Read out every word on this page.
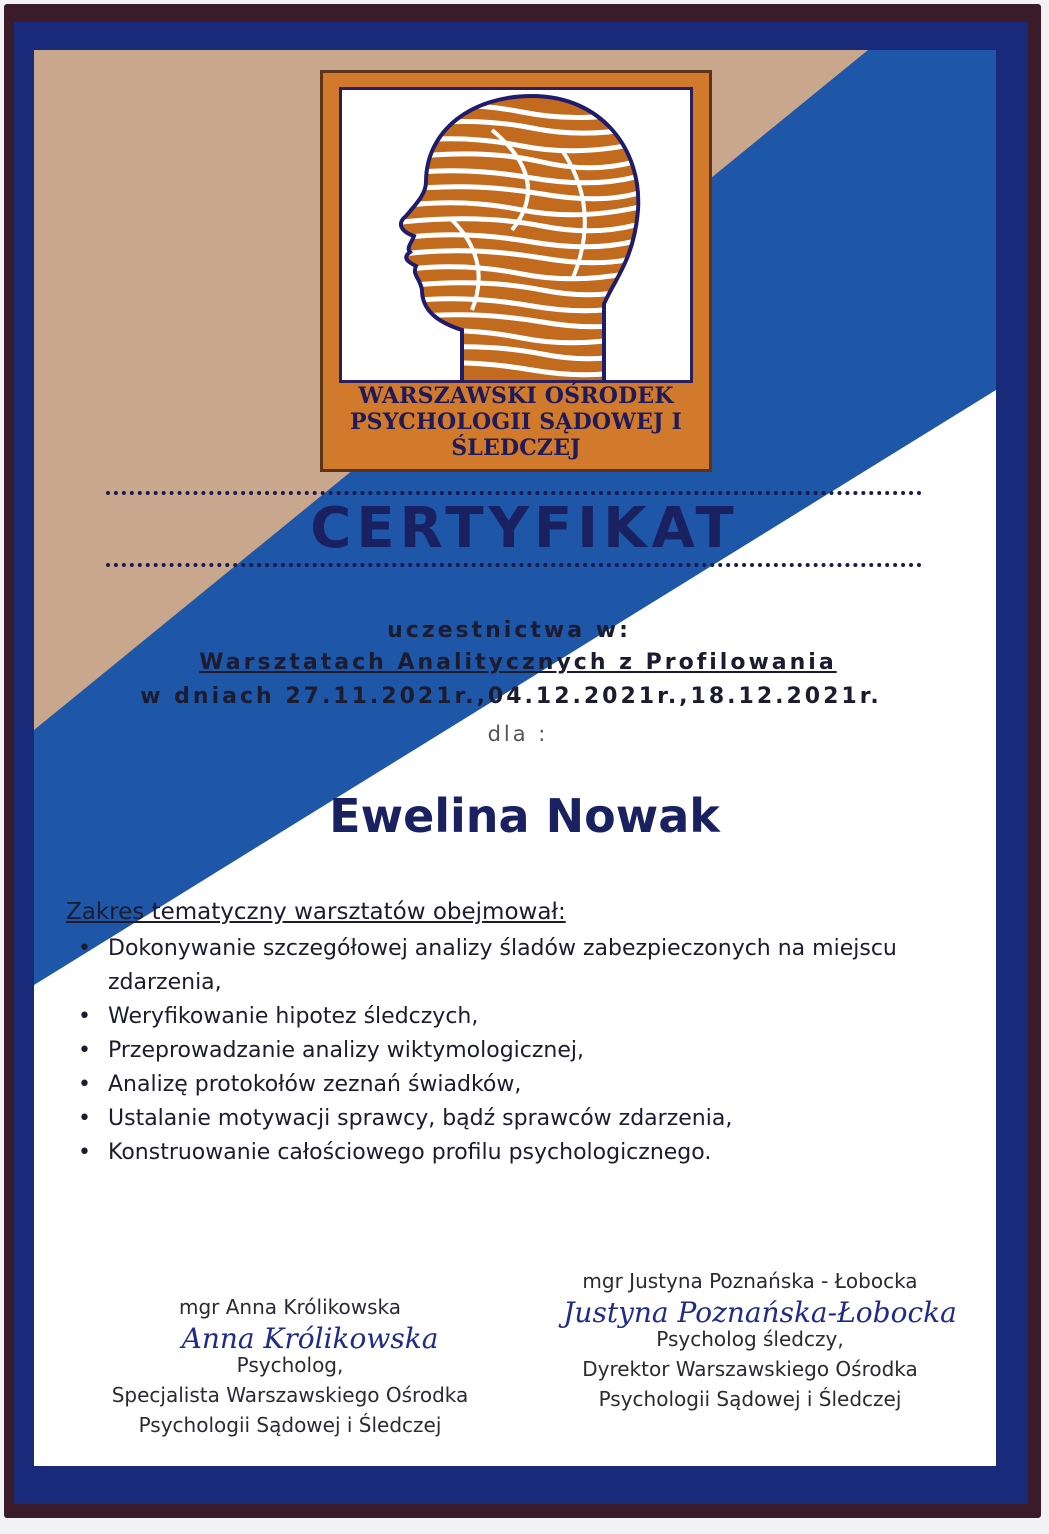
WARSZAWSKI OŚRODEK
PSYCHOLOGII SĄDOWEJ I
ŚLEDCZEJ
CERTYFIKAT
uczestnictwa w:
Warsztatach Analitycznych z Profilowania
w dniach 27.11.2021r.,04.12.2021r.,18.12.2021r.
dla :
Ewelina Nowak
Zakres tematyczny warsztatów obejmował:
• Dokonywanie szczegółowej analizy śladów zabezpieczonych na miejscu zdarzenia,
• Weryfikowanie hipotez śledczych,
• Przeprowadzanie analizy wiktymologicznej,
• Analizę protokołów zeznań świadków,
• Ustalanie motywacji sprawcy, bądź sprawców zdarzenia,
• Konstruowanie całościowego profilu psychologicznego.
mgr Anna Królikowska
Anna Królikowska
Psycholog,
Specjalista Warszawskiego Ośrodka
Psychologii Sądowej i Śledczej
mgr Justyna Poznańska - Łobocka
Justyna Poznańska-Łobocka
Psycholog śledczy,
Dyrektor Warszawskiego Ośrodka
Psychologii Sądowej i Śledczej
